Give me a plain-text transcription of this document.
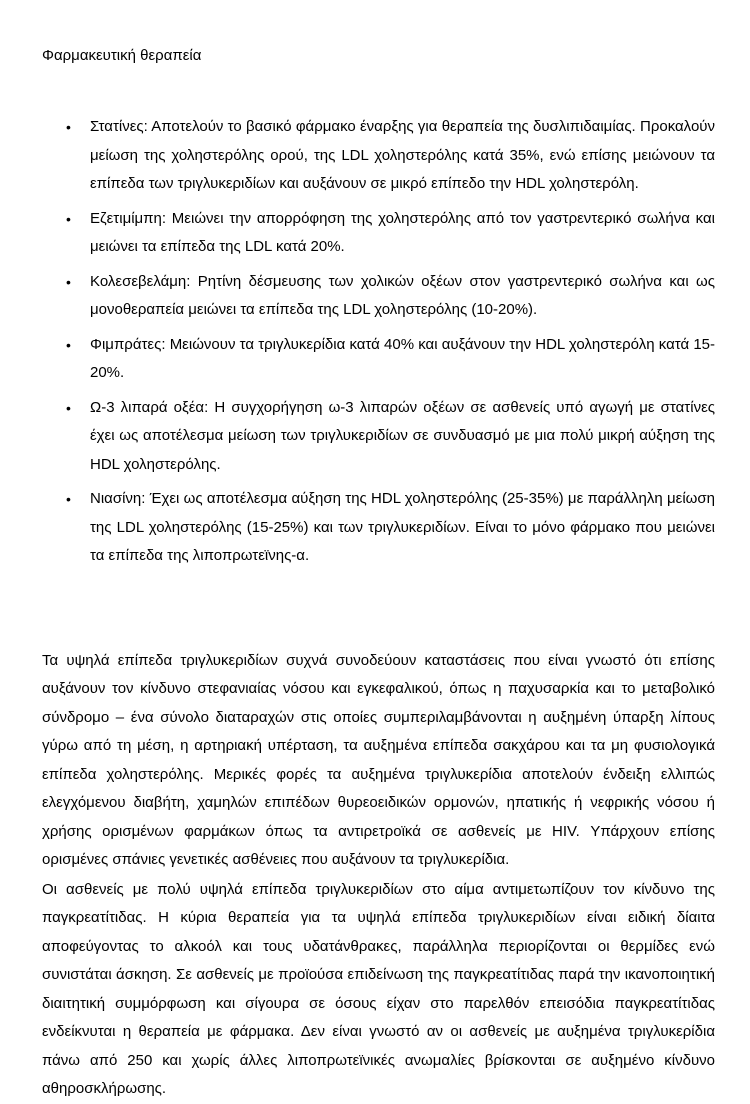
Φαρμακευτική θεραπεία

• Στατίνες: Αποτελούν το βασικό φάρμακο έναρξης για θεραπεία της δυσλιπιδαιμίας. Προκαλούν μείωση της χοληστερόλης ορού, της LDL χοληστερόλης κατά 35%, ενώ επίσης μειώνουν τα επίπεδα των τριγλυκεριδίων και αυξάνουν σε μικρό επίπεδο την HDL χοληστερόλη.
• Εζετιμίμπη: Μειώνει την απορρόφηση της χοληστερόλης από τον γαστρεντερικό σωλήνα και μειώνει τα επίπεδα της LDL κατά 20%.
• Κολεσεβελάμη: Ρητίνη δέσμευσης των χολικών οξέων στον γαστρεντερικό σωλήνα και ως μονοθεραπεία μειώνει τα επίπεδα της LDL χοληστερόλης (10-20%).
• Φιμπράτες: Μειώνουν τα τριγλυκερίδια κατά 40% και αυξάνουν την HDL χοληστερόλη κατά 15-20%.
• Ω-3 λιπαρά οξέα: Η συγχορήγηση ω-3 λιπαρών οξέων σε ασθενείς υπό αγωγή με στατίνες έχει ως αποτέλεσμα μείωση των τριγλυκεριδίων σε συνδυασμό με μια πολύ μικρή αύξηση της HDL χοληστερόλης.
• Νιασίνη: Έχει ως αποτέλεσμα αύξηση της HDL χοληστερόλης (25-35%) με παράλληλη μείωση της LDL χοληστερόλης (15-25%) και των τριγλυκεριδίων. Είναι το μόνο φάρμακο που μειώνει τα επίπεδα της λιποπρωτεϊνης-α.

Τα υψηλά επίπεδα τριγλυκεριδίων συχνά συνοδεύουν καταστάσεις που είναι γνωστό ότι επίσης αυξάνουν τον κίνδυνο στεφανιαίας νόσου και εγκεφαλικού, όπως η παχυσαρκία και το μεταβολικό σύνδρομο – ένα σύνολο διαταραχών στις οποίες συμπεριλαμβάνονται η αυξημένη ύπαρξη λίπους γύρω από τη μέση, η αρτηριακή υπέρταση, τα αυξημένα επίπεδα σακχάρου και τα μη φυσιολογικά επίπεδα χοληστερόλης. Μερικές φορές τα αυξημένα τριγλυκερίδια αποτελούν ένδειξη ελλιπώς ελεγχόμενου διαβήτη, χαμηλών επιπέδων θυρεοειδικών ορμονών, ηπατικής ή νεφρικής νόσου ή χρήσης ορισμένων φαρμάκων όπως τα αντιρετροϊκά σε ασθενείς με HIV. Υπάρχουν επίσης ορισμένες σπάνιες γενετικές ασθένειες που αυξάνουν τα τριγλυκερίδια.

Οι ασθενείς με πολύ υψηλά επίπεδα τριγλυκεριδίων στο αίμα αντιμετωπίζουν τον κίνδυνο της παγκρεατίτιδας. Η κύρια θεραπεία για τα υψηλά επίπεδα τριγλυκεριδίων είναι ειδική δίαιτα αποφεύγοντας το αλκοόλ και τους υδατάνθρακες, παράλληλα περιορίζονται οι θερμίδες ενώ συνιστάται άσκηση. Σε ασθενείς με προϊούσα επιδείνωση της παγκρεατίτιδας παρά την ικανοποιητική διαιτητική συμμόρφωση και σίγουρα σε όσους είχαν στο παρελθόν επεισόδια παγκρεατίτιδας ενδείκνυται η θεραπεία με φάρμακα. Δεν είναι γνωστό αν οι ασθενείς με αυξημένα τριγλυκερίδια πάνω από 250 και χωρίς άλλες λιποπρωτεϊνικές ανωμαλίες βρίσκονται σε αυξημένο κίνδυνο αθηροσκλήρωσης.
